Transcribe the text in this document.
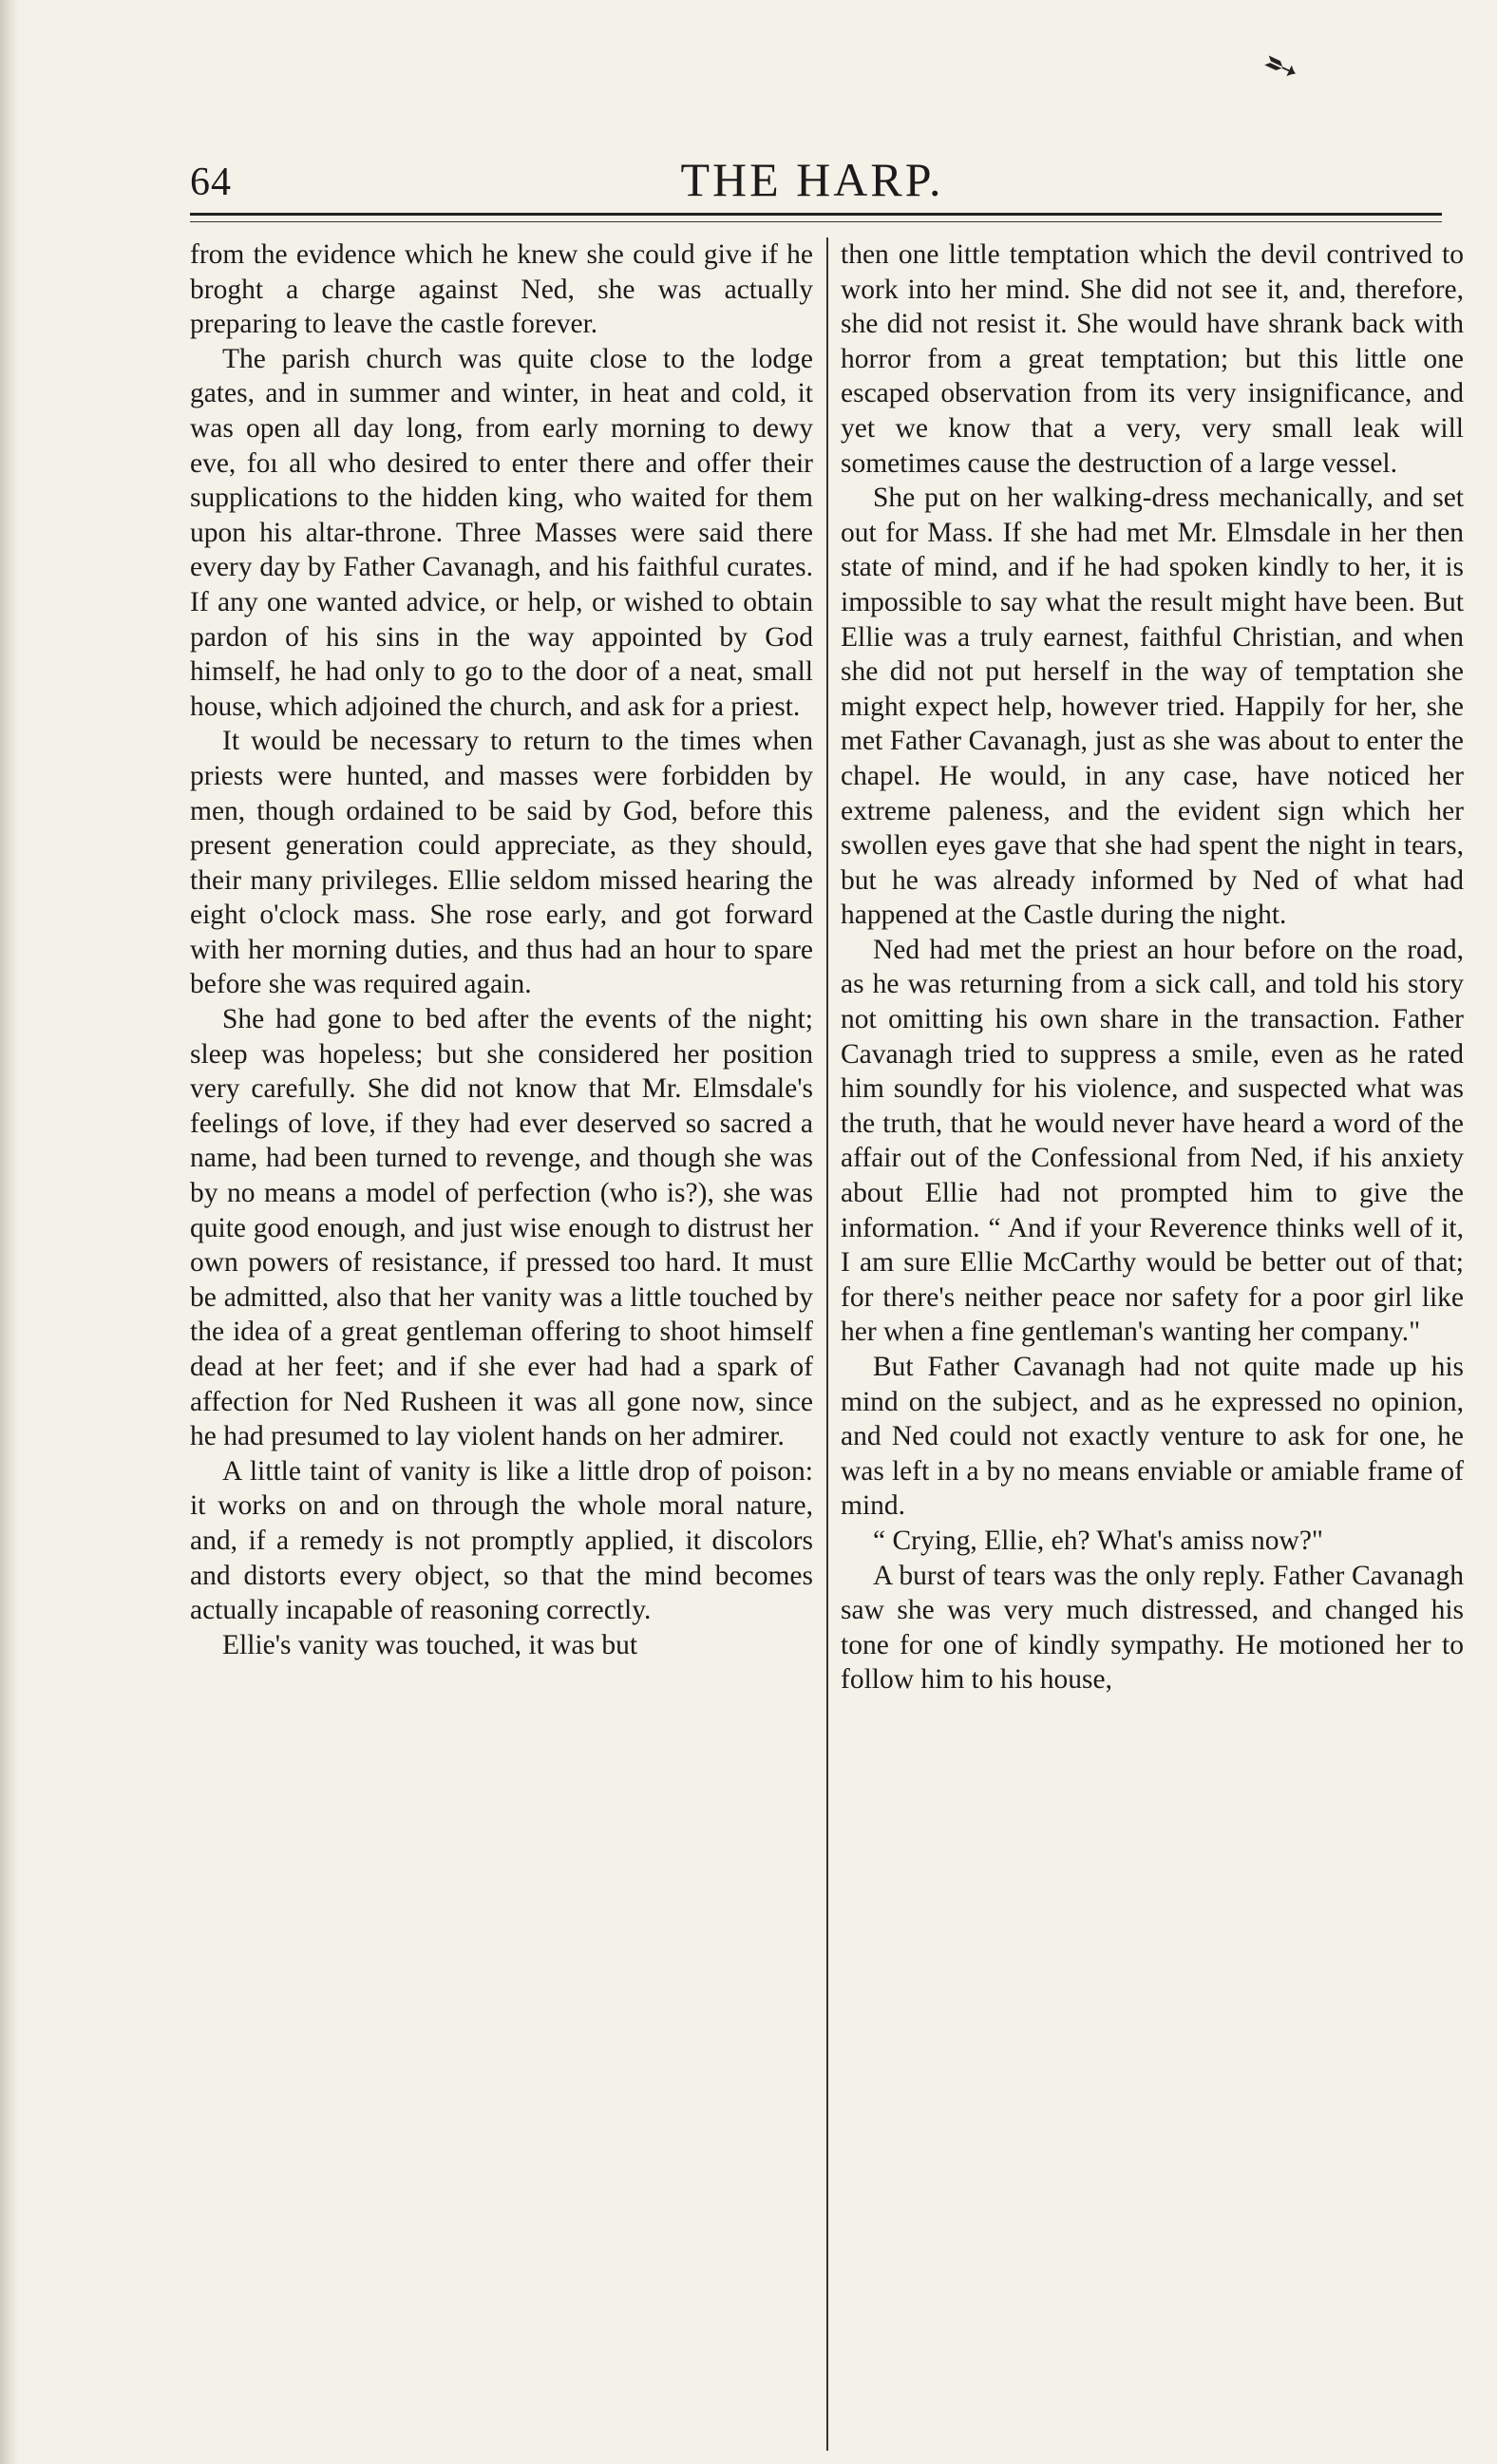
➵
64	THE HARP.

from the evidence which he knew she could give if he broght a charge against Ned, she was actually preparing to leave the castle forever.

The parish church was quite close to the lodge gates, and in summer and winter, in heat and cold, it was open all day long, from early morning to dewy eve, foı all who desired to enter there and offer their supplications to the hidden king, who waited for them upon his altar-throne. Three Masses were said there every day by Father Cavanagh, and his faithful curates. If any one wanted advice, or help, or wished to obtain pardon of his sins in the way appointed by God himself, he had only to go to the door of a neat, small house, which adjoined the church, and ask for a priest.

It would be necessary to return to the times when priests were hunted, and masses were forbidden by men, though ordained to be said by God, before this present generation could appreciate, as they should, their many privileges. Ellie seldom missed hearing the eight o'clock mass. She rose early, and got forward with her morning duties, and thus had an hour to spare before she was required again.

She had gone to bed after the events of the night; sleep was hopeless; but she considered her position very carefully. She did not know that Mr. Elmsdale's feelings of love, if they had ever deserved so sacred a name, had been turned to revenge, and though she was by no means a model of perfection (who is?), she was quite good enough, and just wise enough to distrust her own powers of resistance, if pressed too hard. It must be admitted, also that her vanity was a little touched by the idea of a great gentleman offering to shoot himself dead at her feet; and if she ever had had a spark of affection for Ned Rusheen it was all gone now, since he had presumed to lay violent hands on her admirer.

A little taint of vanity is like a little drop of poison: it works on and on through the whole moral nature, and, if a remedy is not promptly applied, it discolors and distorts every object, so that the mind becomes actually incapable of reasoning correctly.

Ellie's vanity was touched, it was but

then one little temptation which the devil contrived to work into her mind. She did not see it, and, therefore, she did not resist it. She would have shrank back with horror from a great temptation; but this little one escaped observation from its very insignificance, and yet we know that a very, very small leak will sometimes cause the destruction of a large vessel.

She put on her walking-dress mechanically, and set out for Mass. If she had met Mr. Elmsdale in her then state of mind, and if he had spoken kindly to her, it is impossible to say what the result might have been. But Ellie was a truly earnest, faithful Christian, and when she did not put herself in the way of temptation she might expect help, however tried. Happily for her, she met Father Cavanagh, just as she was about to enter the chapel. He would, in any case, have noticed her extreme paleness, and the evident sign which her swollen eyes gave that she had spent the night in tears, but he was already informed by Ned of what had happened at the Castle during the night.

Ned had met the priest an hour before on the road, as he was returning from a sick call, and told his story not omitting his own share in the transaction. Father Cavanagh tried to suppress a smile, even as he rated him soundly for his violence, and suspected what was the truth, that he would never have heard a word of the affair out of the Confessional from Ned, if his anxiety about Ellie had not prompted him to give the information. “ And if your Reverence thinks well of it, I am sure Ellie McCarthy would be better out of that; for there's neither peace nor safety for a poor girl like her when a fine gentleman's wanting her company."

But Father Cavanagh had not quite made up his mind on the subject, and as he expressed no opinion, and Ned could not exactly venture to ask for one, he was left in a by no means enviable or amiable frame of mind.

“ Crying, Ellie, eh? What's amiss now?"

A burst of tears was the only reply. Father Cavanagh saw she was very much distressed, and changed his tone for one of kindly sympathy. He motioned her to follow him to his house,
